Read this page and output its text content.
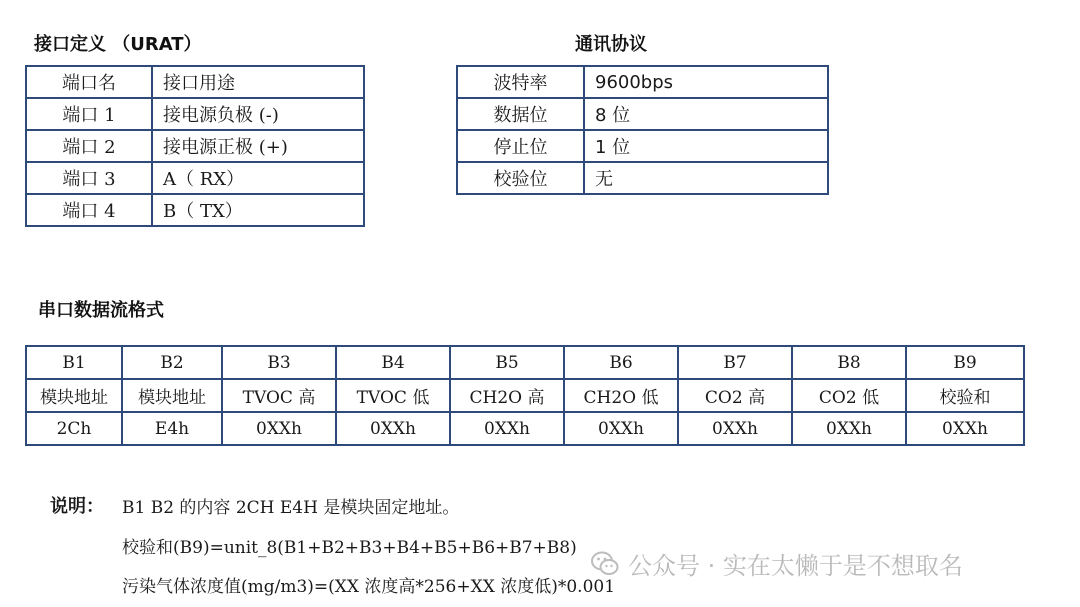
接口定义 （URAT）
端口名	接口用途
端口 1	接电源负极 (-)
端口 2	接电源正极 (+)
端口 3	A（ RX）
端口 4	B（ TX）
通讯协议
波特率	9600bps
数据位	8 位
停止位	1 位
校验位	无
串口数据流格式
B1	B2	B3	B4	B5	B6	B7	B8	B9
模块地址	模块地址	TVOC 高	TVOC 低	CH2O 高	CH2O 低	CO2 高	CO2 低	校验和
2Ch	E4h	0XXh	0XXh	0XXh	0XXh	0XXh	0XXh	0XXh
说明： B1 B2 的内容 2CH E4H 是模块固定地址。
校验和(B9)=unit_8(B1+B2+B3+B4+B5+B6+B7+B8)
污染气体浓度值(mg/m3)=(XX 浓度高*256+XX 浓度低)*0.001
公众号 · 实在太懒于是不想取名
